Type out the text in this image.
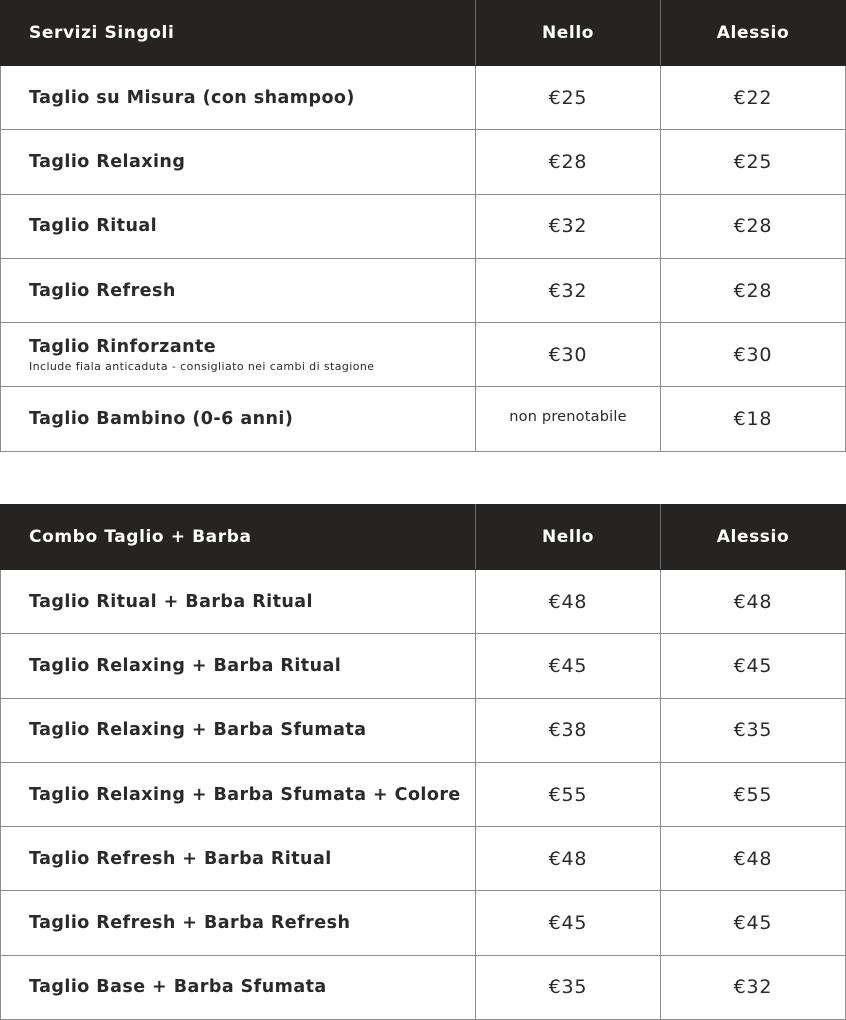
Servizi Singoli	Nello	Alessio
Taglio su Misura (con shampoo)	€25	€22
Taglio Relaxing	€28	€25
Taglio Ritual	€32	€28
Taglio Refresh	€32	€28
Taglio Rinforzante
Include fiala anticaduta - consigliato nei cambi di stagione	€30	€30
Taglio Bambino (0-6 anni)	non prenotabile	€18
Combo Taglio + Barba	Nello	Alessio
Taglio Ritual + Barba Ritual	€48	€48
Taglio Relaxing + Barba Ritual	€45	€45
Taglio Relaxing + Barba Sfumata	€38	€35
Taglio Relaxing + Barba Sfumata + Colore	€55	€55
Taglio Refresh + Barba Ritual	€48	€48
Taglio Refresh + Barba Refresh	€45	€45
Taglio Base + Barba Sfumata	€35	€32
